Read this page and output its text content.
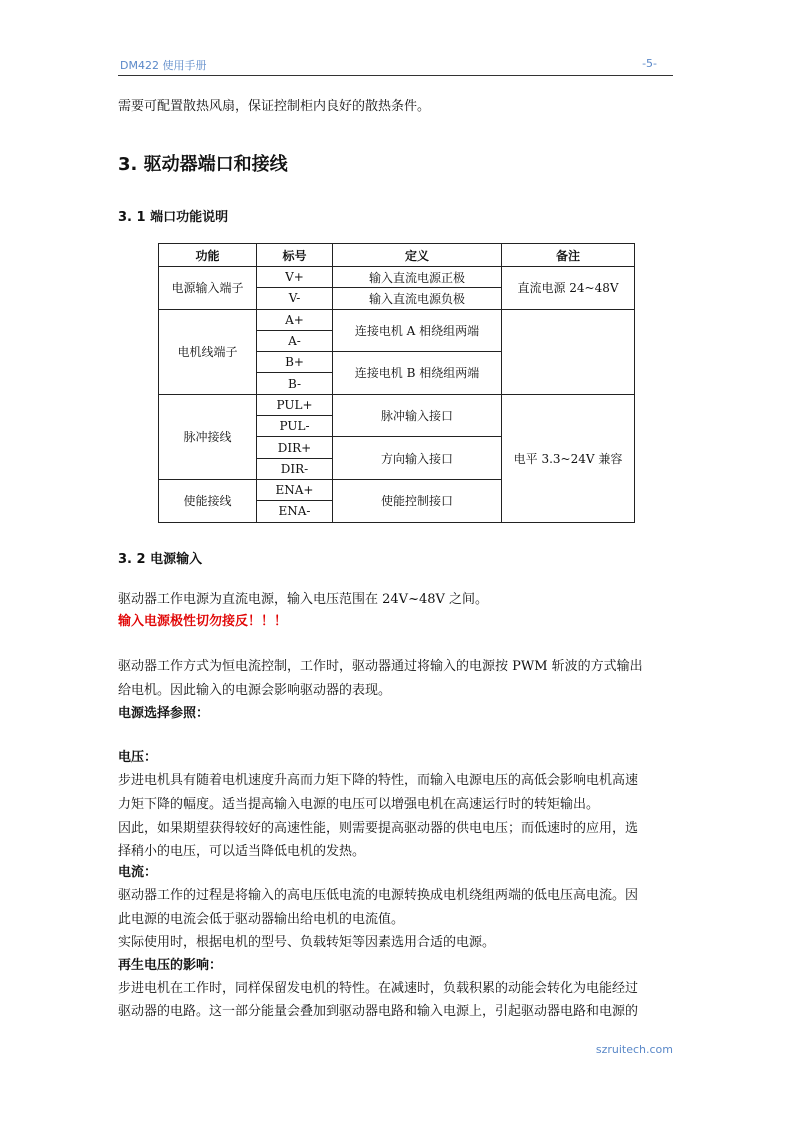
DM422 使用手册	-5-
需要可配置散热风扇，保证控制柜内良好的散热条件。
3. 驱动器端口和接线
3. 1 端口功能说明
功能	标号	定义	备注
电源输入端子	V+	输入直流电源正极	直流电源 24~48V
	V-	输入直流电源负极	
电机线端子	A+	连接电机 A 相绕组两端	
	A-		
	B+	连接电机 B 相绕组两端	
	B-		
脉冲接线	PUL+	脉冲输入接口	电平 3.3~24V 兼容
	PUL-		
	DIR+	方向输入接口	
	DIR-		
使能接线	ENA+	使能控制接口	
	ENA-		
3. 2 电源输入
驱动器工作电源为直流电源，输入电压范围在 24V~48V 之间。
输入电源极性切勿接反！！！
驱动器工作方式为恒电流控制，工作时，驱动器通过将输入的电源按 PWM 斩波的方式输出
给电机。因此输入的电源会影响驱动器的表现。
电源选择参照：
电压：
步进电机具有随着电机速度升高而力矩下降的特性，而输入电源电压的高低会影响电机高速
力矩下降的幅度。适当提高输入电源的电压可以增强电机在高速运行时的转矩输出。
因此，如果期望获得较好的高速性能，则需要提高驱动器的供电电压；而低速时的应用，选
择稍小的电压，可以适当降低电机的发热。
电流：
驱动器工作的过程是将输入的高电压低电流的电源转换成电机绕组两端的低电压高电流。因
此电源的电流会低于驱动器输出给电机的电流值。
实际使用时，根据电机的型号、负载转矩等因素选用合适的电源。
再生电压的影响：
步进电机在工作时，同样保留发电机的特性。在减速时，负载积累的动能会转化为电能经过
驱动器的电路。这一部分能量会叠加到驱动器电路和输入电源上，引起驱动器电路和电源的
szruitech.com
